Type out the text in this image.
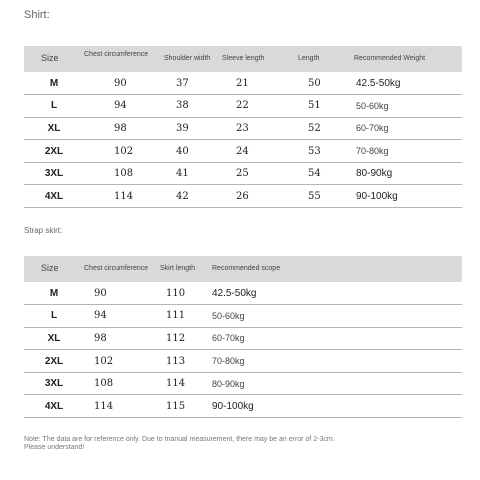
Shirt:
Size	Chest circumference	Shoulder width	Sleeve length	Length	Recommended Weight
M	90	37	21	50	42.5-50kg
L	94	38	22	51	50-60kg
XL	98	39	23	52	60-70kg
2XL	102	40	24	53	70-80kg
3XL	108	41	25	54	80-90kg
4XL	114	42	26	55	90-100kg
Strap skirt:
Size	Chest circumference	Skirt length	Recommended scope	
M	90	110	42.5-50kg	
L	94	111	50-60kg	
XL	98	112	60-70kg	
2XL	102	113	70-80kg	
3XL	108	114	80-90kg	
4XL	114	115	90-100kg	
Note: The data are for reference only. Due to manual measurement, there may be an error of 2-3cm. Please understand!
